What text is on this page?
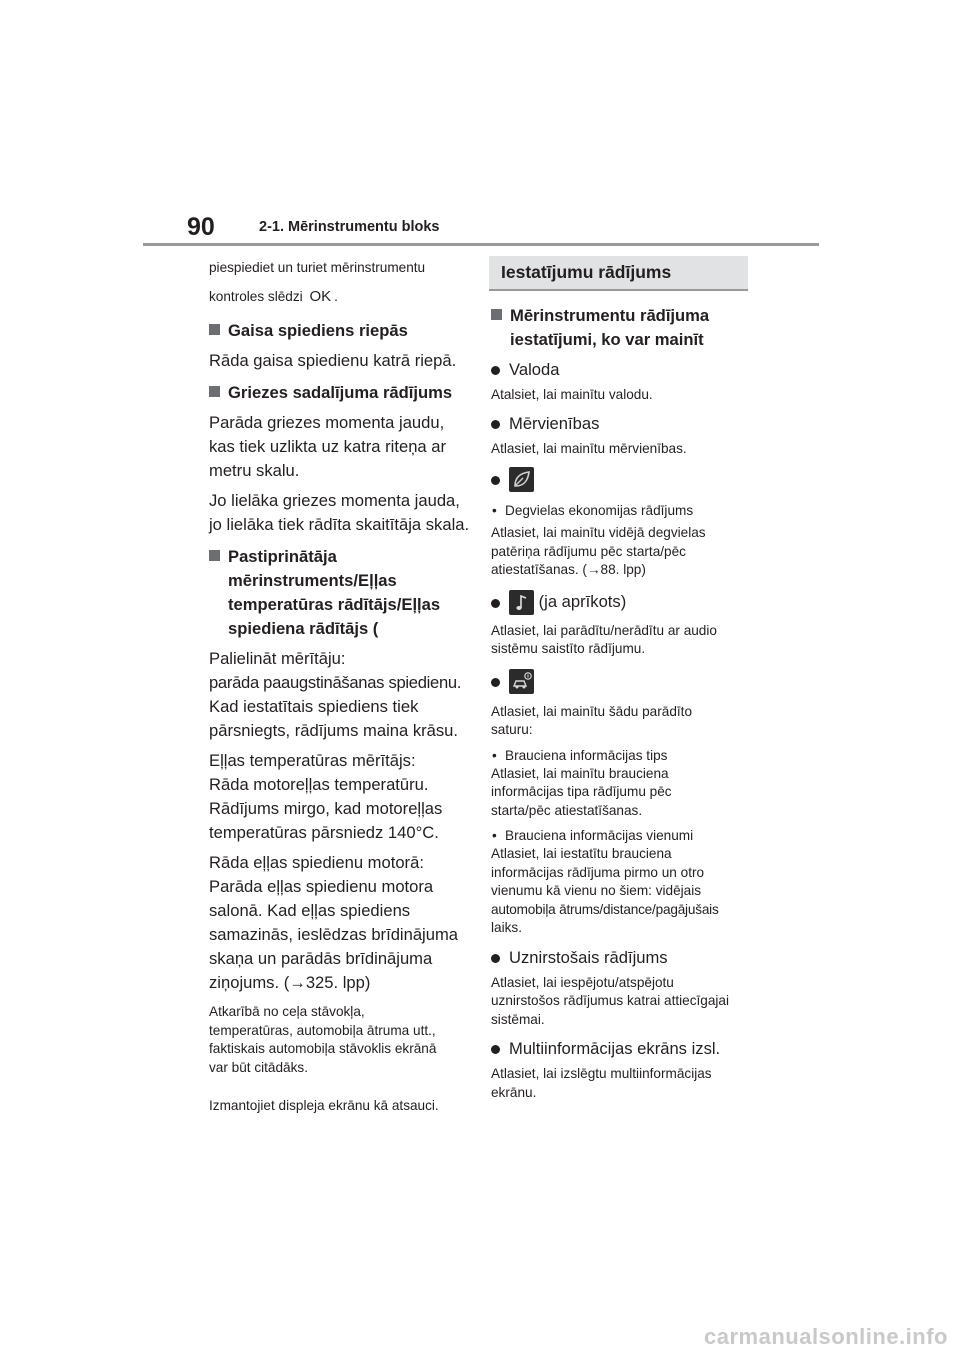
90	2-1. Mērinstrumentu bloks

piespiediet un turiet mērinstrumentu

kontroles slēdzi OK .

Gaisa spiediens riepās

Rāda gaisa spiedienu katrā riepā.

Griezes sadalījuma rādījums

Parāda griezes momenta jaudu,

kas tiek uzlikta uz katra riteņa ar

metru skalu.

Jo lielāka griezes momenta jauda,

jo lielāka tiek rādīta skaitītāja skala.

Pastiprinātāja

mērinstruments/Eļļas

temperatūras rādītājs/Eļļas

spiediena rādītājs (

Palielināt mērītāju:

parāda paaugstināšanas spiedienu.

Kad iestatītais spiediens tiek

pārsniegts, rādījums maina krāsu.

Eļļas temperatūras mērītājs:

Rāda motoreļļas temperatūru.

Rādījums mirgo, kad motoreļļas

temperatūras pārsniedz 140°C.

Rāda eļļas spiedienu motorā:

Parāda eļļas spiedienu motora

salonā. Kad eļļas spiediens

samazinās, ieslēdzas brīdinājuma

skaņa un parādās brīdinājuma

ziņojums. (→325. lpp)

Atkarībā no ceļa stāvokļa,

temperatūras, automobiļa ātruma utt.,

faktiskais automobiļa stāvoklis ekrānā

var būt citādāks.

Izmantojiet displeja ekrānu kā atsauci.

Iestatījumu rādījums

Mērinstrumentu rādījuma

iestatījumi, ko var mainīt

Valoda

Atalsiet, lai mainītu valodu.

Mērvienības

Atlasiet, lai mainītu mērvienības.

• Degvielas ekonomijas rādījums

Atlasiet, lai mainītu vidējā degvielas

patēriņa rādījumu pēc starta/pēc

atiestatīšanas. (→88. lpp)

(ja aprīkots)

Atlasiet, lai parādītu/nerādītu ar audio

sistēmu saistīto rādījumu.

Atlasiet, lai mainītu šādu parādīto

saturu:

• Brauciena informācijas tips

Atlasiet, lai mainītu brauciena

informācijas tipa rādījumu pēc

starta/pēc atiestatīšanas.

• Brauciena informācijas vienumi

Atlasiet, lai iestatītu brauciena

informācijas rādījuma pirmo un otro

vienumu kā vienu no šiem: vidējais

automobiļa ātrums/distance/pagājušais

laiks.

Uznirstošais rādījums

Atlasiet, lai iespējotu/atspējotu

uznirstošos rādījumus katrai attiecīgajai

sistēmai.

Multiinformācijas ekrāns izsl.

Atlasiet, lai izslēgtu multiinformācijas

ekrānu.

carmanualsonline.info
